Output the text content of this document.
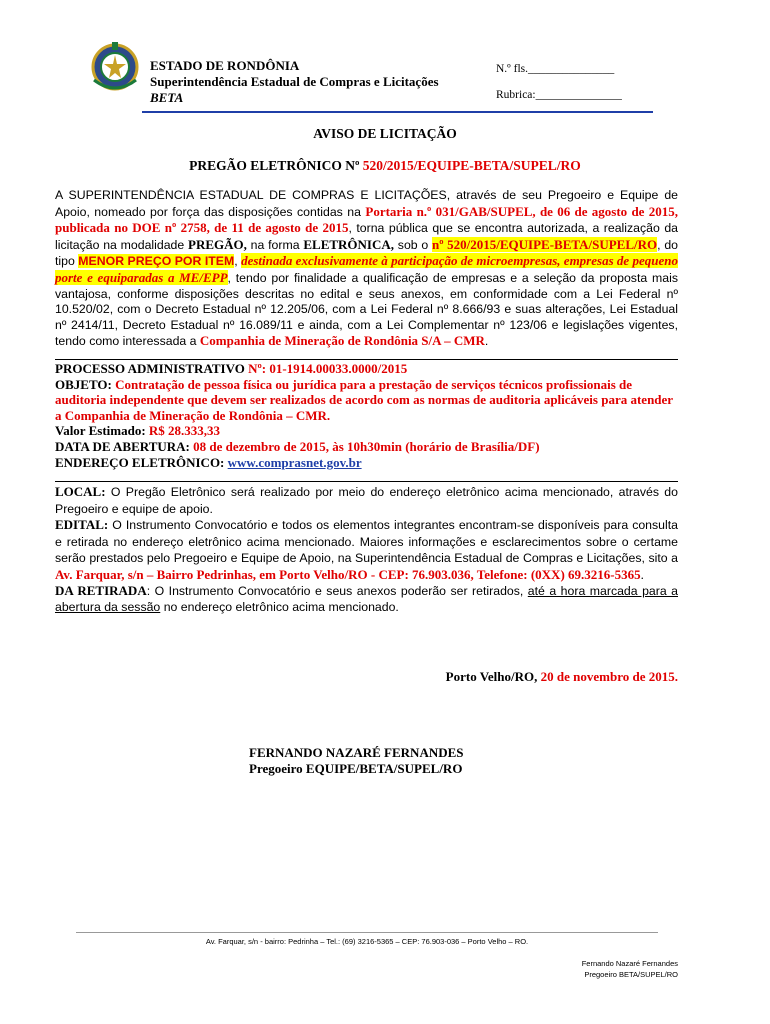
ESTADO DE RONDÔNIA
Superintendência Estadual de Compras e Licitações
BETA
N.º fls._______________
Rubrica:_______________
AVISO DE LICITAÇÃO
PREGÃO ELETRÔNICO Nº 520/2015/EQUIPE-BETA/SUPEL/RO
A SUPERINTENDÊNCIA ESTADUAL DE COMPRAS E LICITAÇÕES, através de seu Pregoeiro e Equipe de Apoio, nomeado por força das disposições contidas na Portaria n.º 031/GAB/SUPEL, de 06 de agosto de 2015, publicada no DOE nº 2758, de 11 de agosto de 2015, torna pública que se encontra autorizada, a realização da licitação na modalidade PREGÃO, na forma ELETRÔNICA, sob o nº 520/2015/EQUIPE-BETA/SUPEL/RO, do tipo MENOR PREÇO POR ITEM, destinada exclusivamente à participação de microempresas, empresas de pequeno porte e equiparadas a ME/EPP, tendo por finalidade a qualificação de empresas e a seleção da proposta mais vantajosa, conforme disposições descritas no edital e seus anexos, em conformidade com a Lei Federal nº 10.520/02, com o Decreto Estadual nº 12.205/06, com a Lei Federal nº 8.666/93 e suas alterações, Lei Estadual nº 2414/11, Decreto Estadual nº 16.089/11 e ainda, com a Lei Complementar nº 123/06 e legislações vigentes, tendo como interessada a Companhia de Mineração de Rondônia S/A – CMR.
PROCESSO ADMINISTRATIVO Nº: 01-1914.00033.0000/2015
OBJETO: Contratação de pessoa física ou jurídica para a prestação de serviços técnicos profissionais de auditoria independente que devem ser realizados de acordo com as normas de auditoria aplicáveis para atender a Companhia de Mineração de Rondônia – CMR.
Valor Estimado: R$ 28.333,33
DATA DE ABERTURA: 08 de dezembro de 2015, às 10h30min (horário de Brasília/DF)
ENDEREÇO ELETRÔNICO: www.comprasnet.gov.br
LOCAL: O Pregão Eletrônico será realizado por meio do endereço eletrônico acima mencionado, através do Pregoeiro e equipe de apoio.
EDITAL: O Instrumento Convocatório e todos os elementos integrantes encontram-se disponíveis para consulta e retirada no endereço eletrônico acima mencionado. Maiores informações e esclarecimentos sobre o certame serão prestados pelo Pregoeiro e Equipe de Apoio, na Superintendência Estadual de Compras e Licitações, sito a Av. Farquar, s/n – Bairro Pedrinhas, em Porto Velho/RO - CEP: 76.903.036, Telefone: (0XX) 69.3216-5365.
DA RETIRADA: O Instrumento Convocatório e seus anexos poderão ser retirados, até a hora marcada para a abertura da sessão no endereço eletrônico acima mencionado.
Porto Velho/RO, 20 de novembro de 2015.
FERNANDO NAZARÉ FERNANDES
Pregoeiro EQUIPE/BETA/SUPEL/RO
Av. Farquar, s/n - bairro: Pedrinha – Tel.: (69) 3216-5365 – CEP: 76.903-036 – Porto Velho – RO.
Fernando Nazaré Fernandes
Pregoeiro BETA/SUPEL/RO
